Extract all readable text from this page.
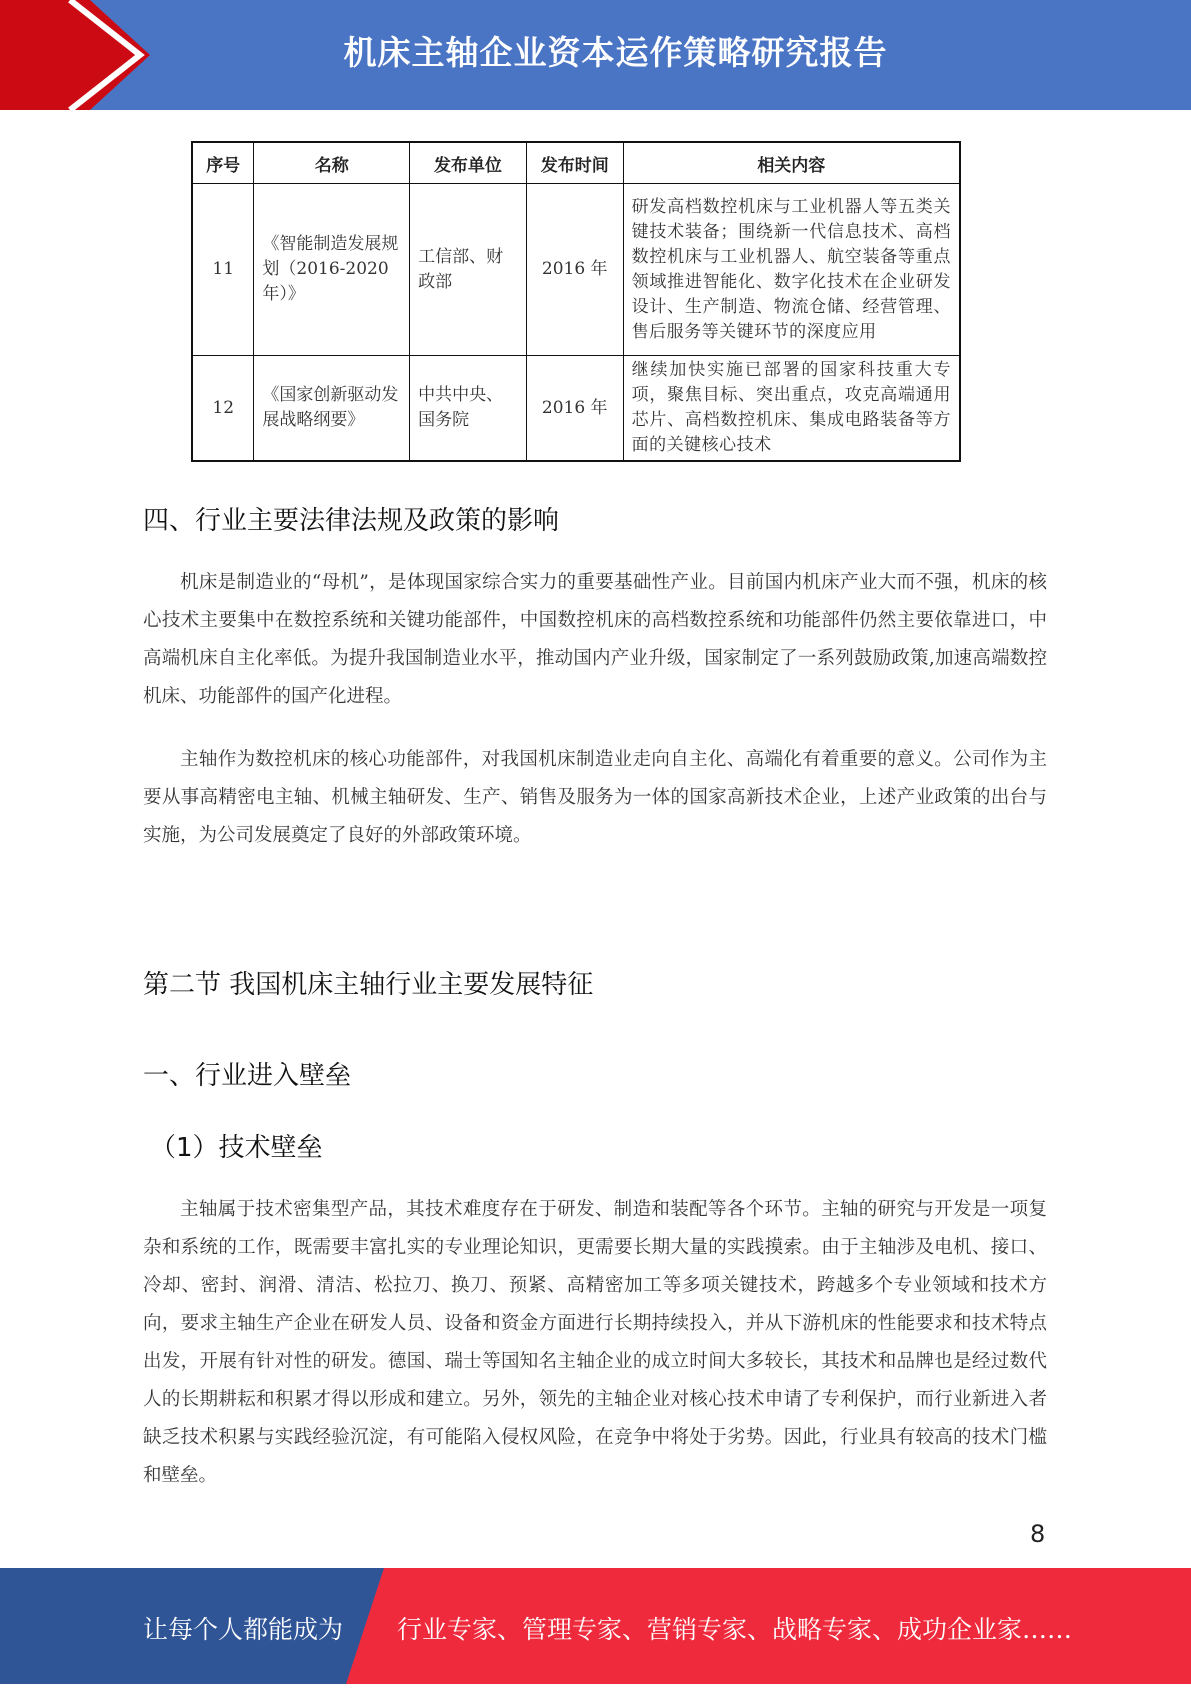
机床主轴企业资本运作策略研究报告
序号	名称	发布单位	发布时间	相关内容
11	《智能制造发展规划（2016-2020年）》	工信部、财政部	2016 年	研发高档数控机床与工业机器人等五类关键技术装备；围绕新一代信息技术、高档数控机床与工业机器人、航空装备等重点领域推进智能化、数字化技术在企业研发设计、生产制造、物流仓储、经营管理、售后服务等关键环节的深度应用
12	《国家创新驱动发展战略纲要》	中共中央、国务院	2016 年	继续加快实施已部署的国家科技重大专项，聚焦目标、突出重点，攻克高端通用芯片、高档数控机床、集成电路装备等方面的关键核心技术
四、行业主要法律法规及政策的影响

机床是制造业的“母机”，是体现国家综合实力的重要基础性产业。目前国内机床产业大而不强，机床的核心技术主要集中在数控系统和关键功能部件，中国数控机床的高档数控系统和功能部件仍然主要依靠进口，中高端机床自主化率低。为提升我国制造业水平，推动国内产业升级，国家制定了一系列鼓励政策,加速高端数控机床、功能部件的国产化进程。

主轴作为数控机床的核心功能部件，对我国机床制造业走向自主化、高端化有着重要的意义。公司作为主要从事高精密电主轴、机械主轴研发、生产、销售及服务为一体的国家高新技术企业，上述产业政策的出台与实施，为公司发展奠定了良好的外部政策环境。

第二节 我国机床主轴行业主要发展特征
一、行业进入壁垒
（1）技术壁垒

主轴属于技术密集型产品，其技术难度存在于研发、制造和装配等各个环节。主轴的研究与开发是一项复杂和系统的工作，既需要丰富扎实的专业理论知识，更需要长期大量的实践摸索。由于主轴涉及电机、接口、冷却、密封、润滑、清洁、松拉刀、换刀、预紧、高精密加工等多项关键技术，跨越多个专业领域和技术方向，要求主轴生产企业在研发人员、设备和资金方面进行长期持续投入，并从下游机床的性能要求和技术特点出发，开展有针对性的研发。德国、瑞士等国知名主轴企业的成立时间大多较长，其技术和品牌也是经过数代人的长期耕耘和积累才得以形成和建立。另外，领先的主轴企业对核心技术申请了专利保护，而行业新进入者缺乏技术积累与实践经验沉淀，有可能陷入侵权风险，在竞争中将处于劣势。因此，行业具有较高的技术门槛和壁垒。

8
让每个人都能成为 行业专家、管理专家、营销专家、战略专家、成功企业家……
